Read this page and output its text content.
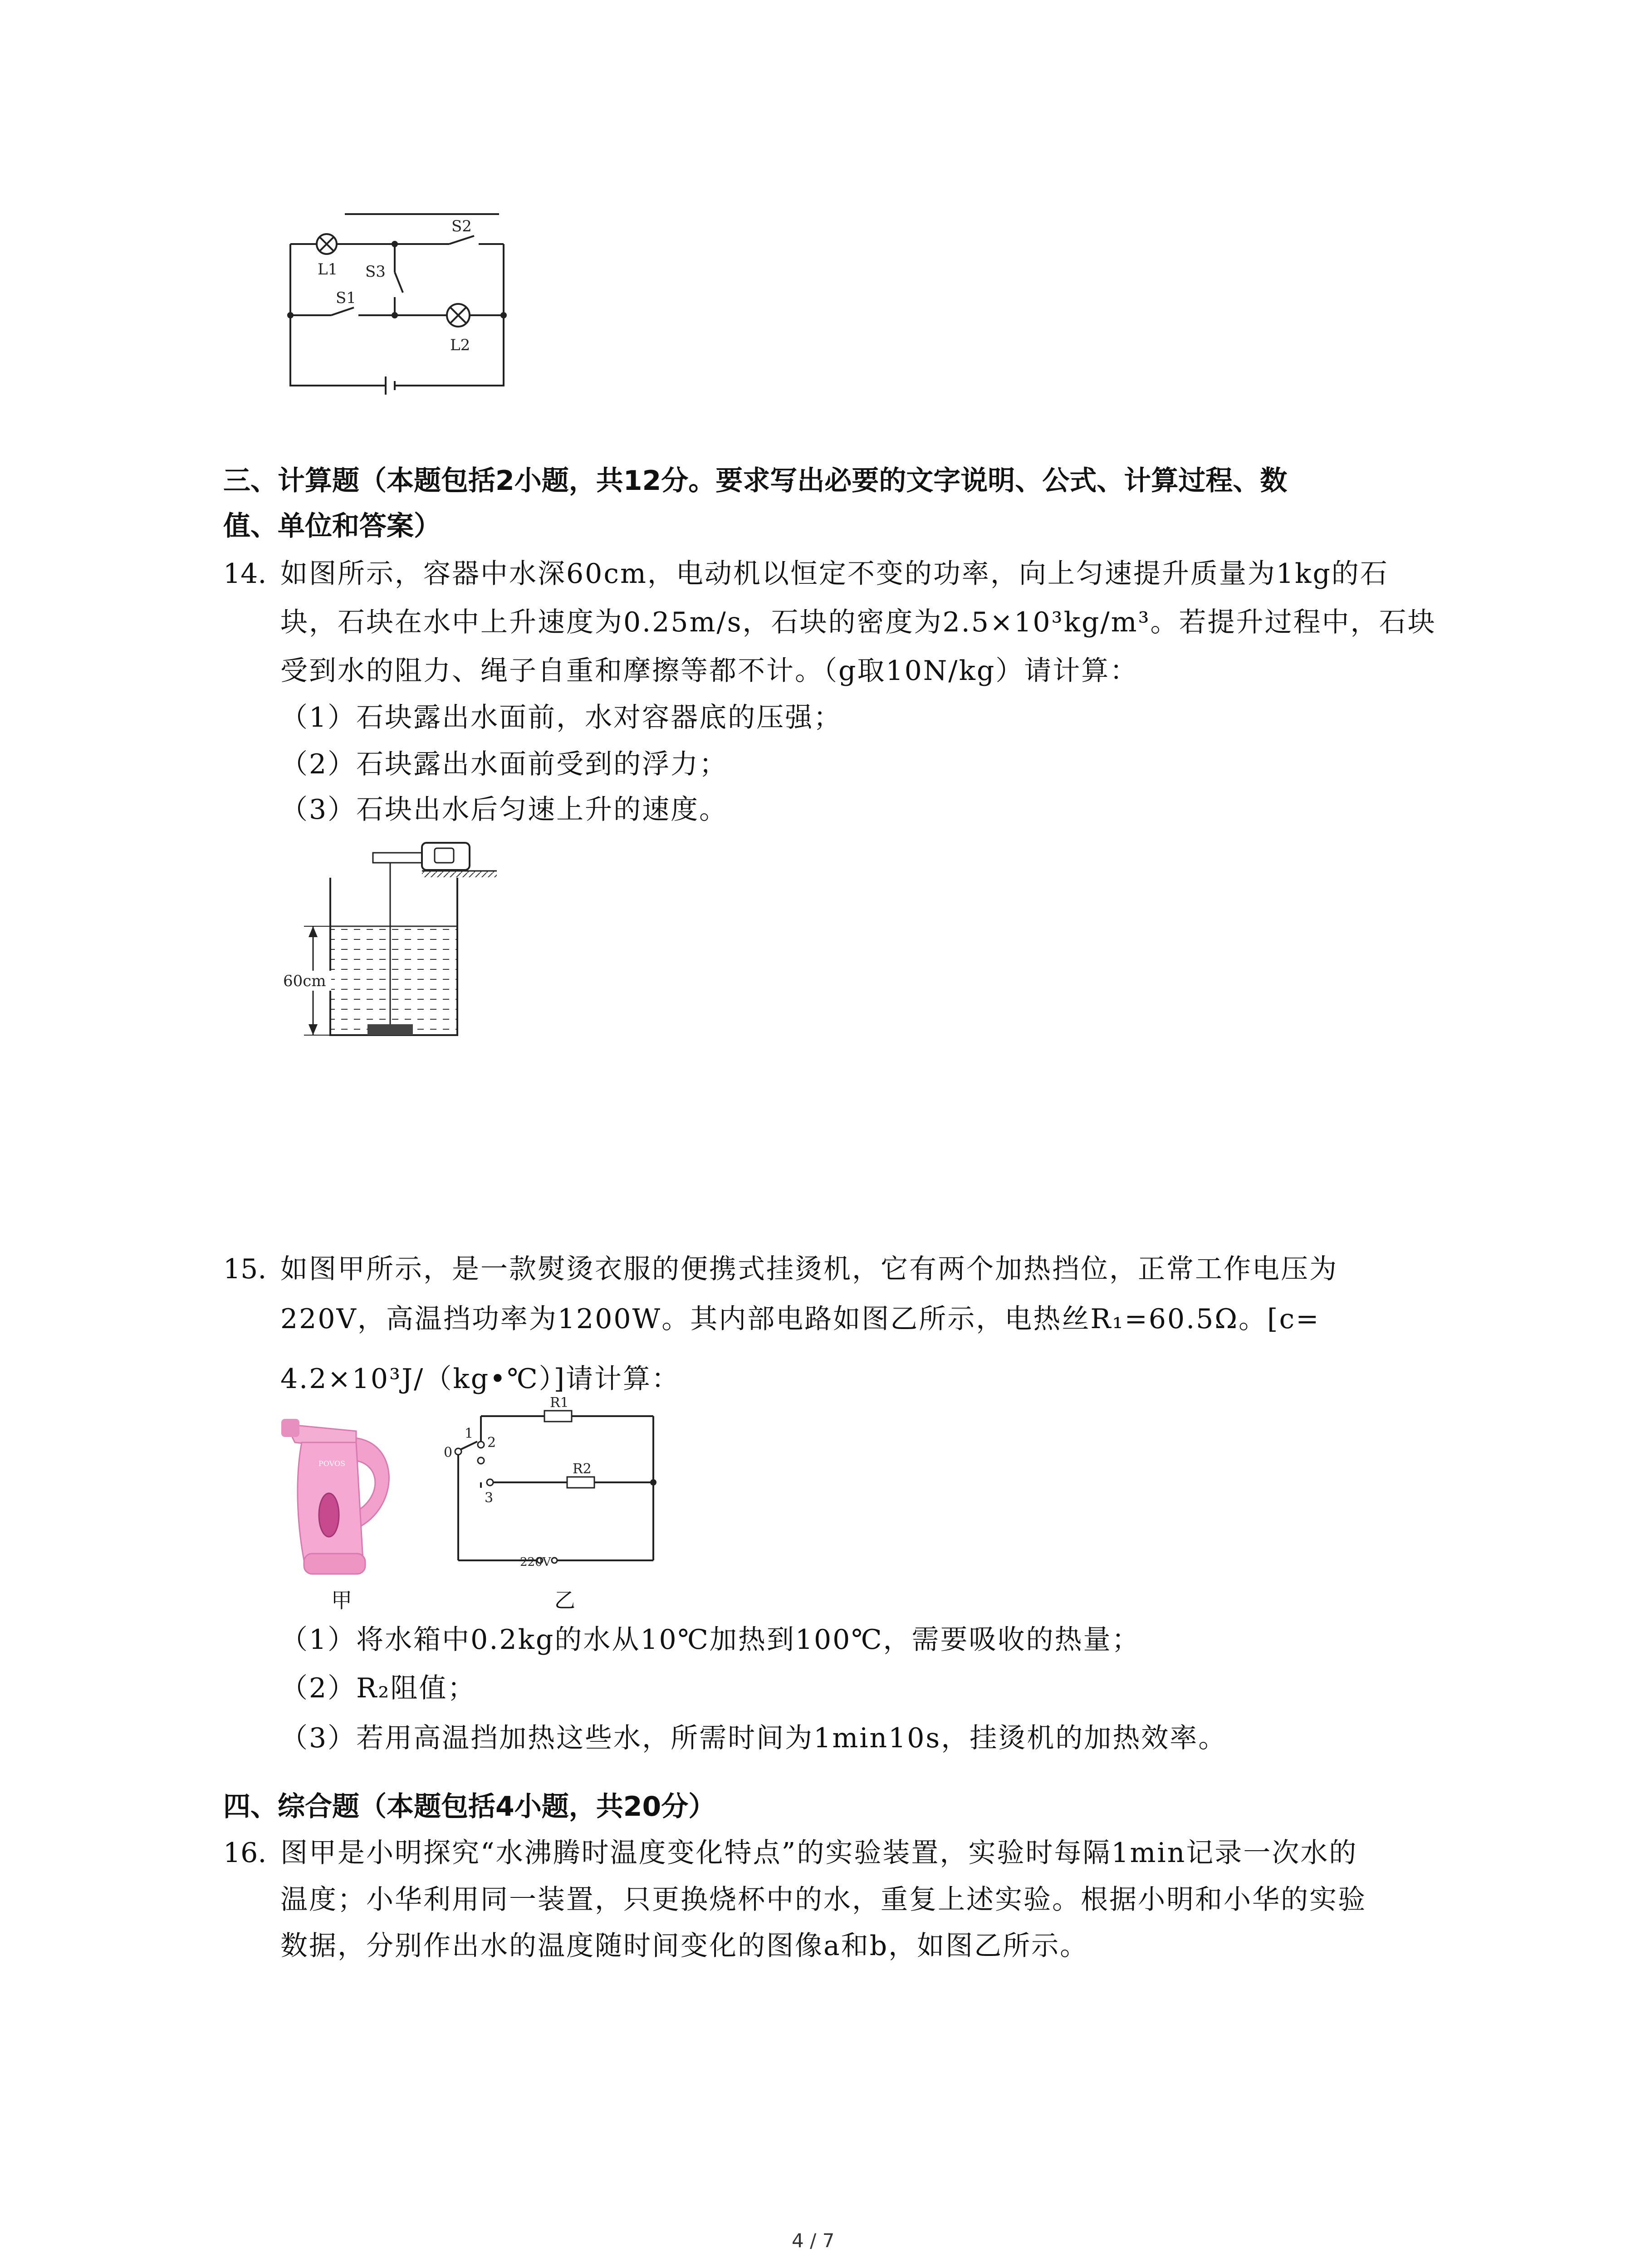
L1
S2
S3
S1
L2
三、计算题（本题包括2小题，共12分。要求写出必要的文字说明、公式、计算过程、数
值、单位和答案）
14. 如图所示，容器中水深60cm，电动机以恒定不变的功率，向上匀速提升质量为1kg的石
块，石块在水中上升速度为0.25m/s，石块的密度为2.5×10³kg/m³。若提升过程中，石块
受到水的阻力、绳子自重和摩擦等都不计。（g取10N/kg）请计算：
（1）石块露出水面前，水对容器底的压强；
（2）石块露出水面前受到的浮力；
（3）石块出水后匀速上升的速度。
60cm
15. 如图甲所示，是一款熨烫衣服的便携式挂烫机，它有两个加热挡位，正常工作电压为
220V，高温挡功率为1200W。其内部电路如图乙所示，电热丝R₁=60.5Ω。[c=
4.2×10³J/（kg•℃）]请计算：
POVOS
甲
R1
R2
0
1
2
3
220V
乙
（1）将水箱中0.2kg的水从10℃加热到100℃，需要吸收的热量；
（2）R₂阻值；
（3）若用高温挡加热这些水，所需时间为1min10s，挂烫机的加热效率。
四、综合题（本题包括4小题，共20分）
16. 图甲是小明探究“水沸腾时温度变化特点”的实验装置，实验时每隔1min记录一次水的
温度；小华利用同一装置，只更换烧杯中的水，重复上述实验。根据小明和小华的实验
数据，分别作出水的温度随时间变化的图像a和b，如图乙所示。
4 / 7
